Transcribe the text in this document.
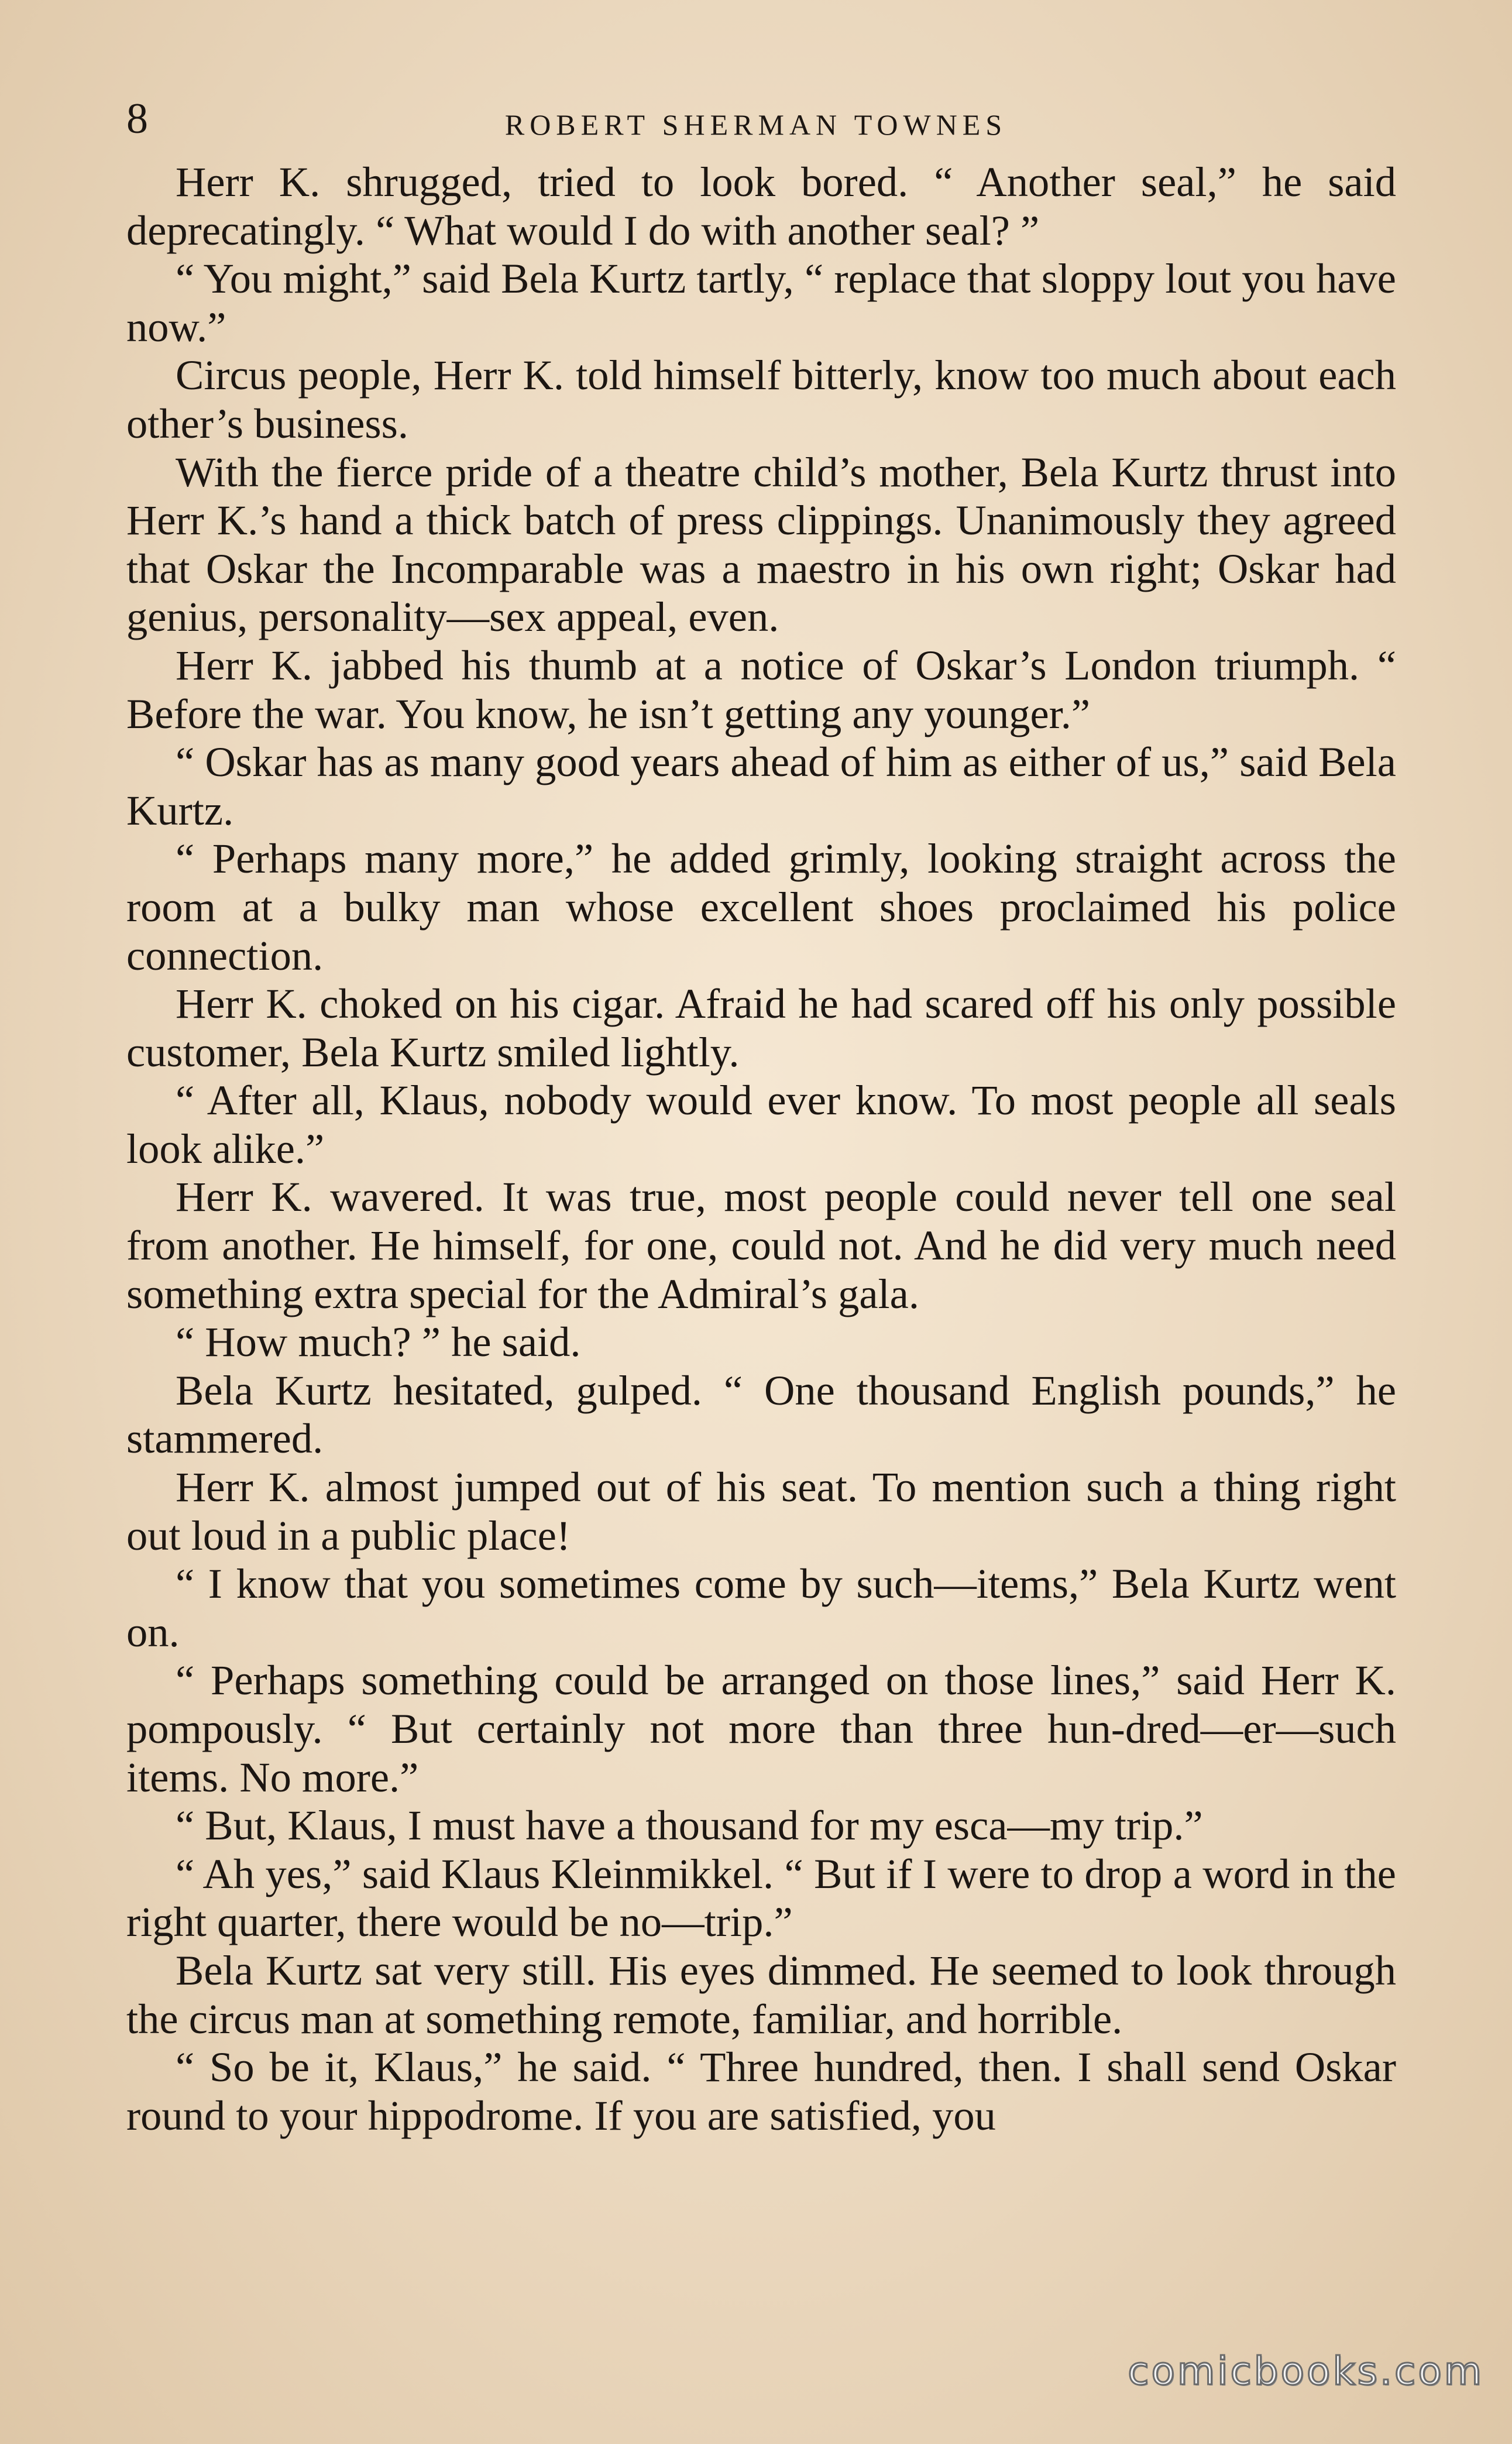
8	ROBERT SHERMAN TOWNES

Herr K. shrugged, tried to look bored. “ Another seal,” he said deprecatingly. “ What would I do with another seal? ”

“ You might,” said Bela Kurtz tartly, “ replace that sloppy lout you have now.”

Circus people, Herr K. told himself bitterly, know too much about each other’s business.

With the fierce pride of a theatre child’s mother, Bela Kurtz thrust into Herr K.’s hand a thick batch of press clippings. Unanimously they agreed that Oskar the Incomparable was a maestro in his own right; Oskar had genius, personality—sex appeal, even.

Herr K. jabbed his thumb at a notice of Oskar’s London triumph. “ Before the war. You know, he isn’t getting any younger.”

“ Oskar has as many good years ahead of him as either of us,” said Bela Kurtz.

“ Perhaps many more,” he added grimly, looking straight across the room at a bulky man whose excellent shoes proclaimed his police connection.

Herr K. choked on his cigar. Afraid he had scared off his only possible customer, Bela Kurtz smiled lightly.

“ After all, Klaus, nobody would ever know. To most people all seals look alike.”

Herr K. wavered. It was true, most people could never tell one seal from another. He himself, for one, could not. And he did very much need something extra special for the Admiral’s gala.

“ How much? ” he said.

Bela Kurtz hesitated, gulped. “ One thousand English pounds,” he stammered.

Herr K. almost jumped out of his seat. To mention such a thing right out loud in a public place!

“ I know that you sometimes come by such—items,” Bela Kurtz went on.

“ Perhaps something could be arranged on those lines,” said Herr K. pompously. “ But certainly not more than three hun-dred—er—such items. No more.”

“ But, Klaus, I must have a thousand for my esca—my trip.”

“ Ah yes,” said Klaus Kleinmikkel. “ But if I were to drop a word in the right quarter, there would be no—trip.”

Bela Kurtz sat very still. His eyes dimmed. He seemed to look through the circus man at something remote, familiar, and horrible.

“ So be it, Klaus,” he said. “ Three hundred, then. I shall send Oskar round to your hippodrome. If you are satisfied, you

comicbooks.com
